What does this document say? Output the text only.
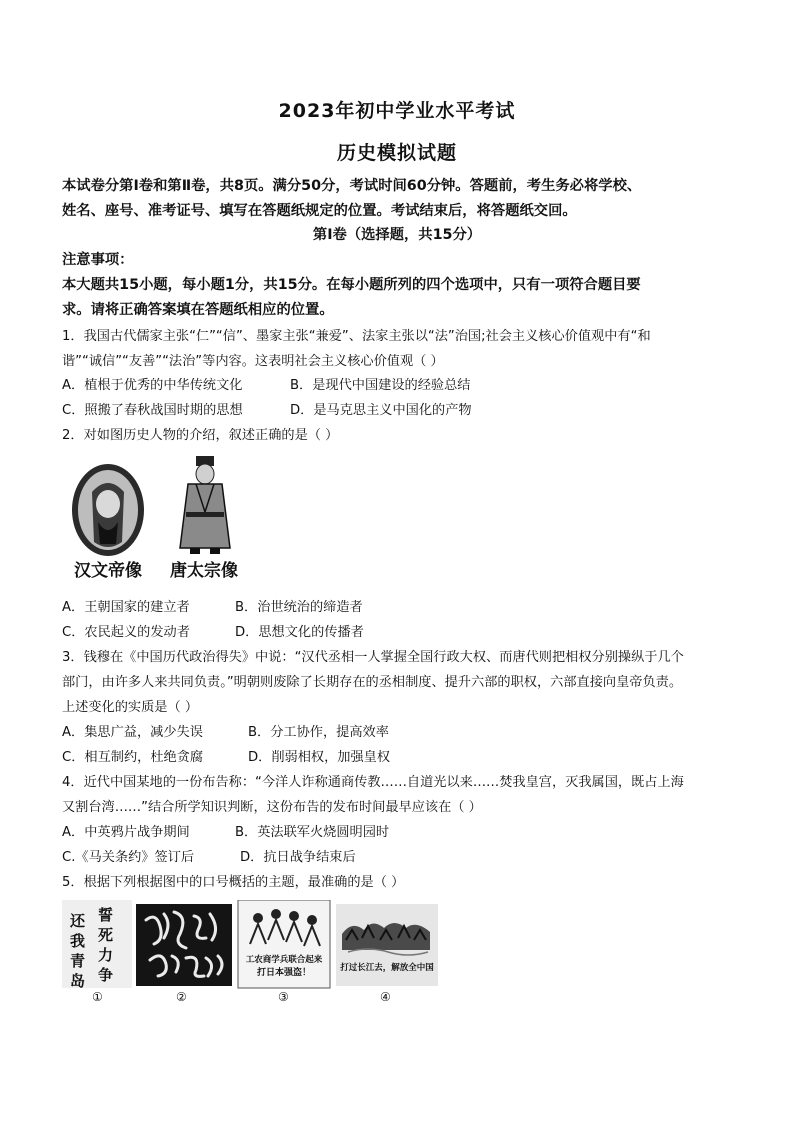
2023年初中学业水平考试
历史模拟试题
本试卷分第Ⅰ卷和第Ⅱ卷，共8页。满分50分，考试时间60分钟。答题前，考生务必将学校、
姓名、座号、准考证号、填写在答题纸规定的位置。考试结束后，将答题纸交回。
第Ⅰ卷（选择题，共15分）
注意事项：
本大题共15小题，每小题1分，共15分。在每小题所列的四个选项中，只有一项符合题目要
求。请将正确答案填在答题纸相应的位置。
1．我国古代儒家主张“仁”“信”、墨家主张“兼爱”、法家主张以“法”治国;社会主义核心价值观中有“和
谐”“诚信”“友善”“法治”等内容。这表明社会主义核心价值观（ ）
A．植根于优秀的中华传统文化	B．是现代中国建设的经验总结
C．照搬了春秋战国时期的思想	D．是马克思主义中国化的产物
2．对如图历史人物的介绍，叙述正确的是（ ）
汉文帝像 唐太宗像
A．王朝国家的建立者	B．治世统治的缔造者
C．农民起义的发动者	D．思想文化的传播者
3．钱穆在《中国历代政治得失》中说：“汉代丞相一人掌握全国行政大权、而唐代则把相权分别操纵于几个
部门，由许多人来共同负责。”明朝则废除了长期存在的丞相制度、提升六部的职权，六部直接向皇帝负责。
上述变化的实质是（ ）
A．集思广益，减少失误	B．分工协作，提高效率
C．相互制约，杜绝贪腐	D．削弱相权，加强皇权
4．近代中国某地的一份布告称：“今洋人诈称通商传教……自道光以来……焚我皇宫，灭我属国，既占上海
又割台湾……”结合所学知识判断，这份布告的发布时间最早应该在（ ）
A．中英鸦片战争期间	B．英法联军火烧圆明园时
C.《马关条约》签订后	D．抗日战争结束后
5．根据下列根据图中的口号概括的主题，最准确的是（ ）
誓
还
死
我
力
青
争
岛
工农商学兵联合起来
打日本强盗！	打过长江去，解放全中国
①	②	③	④
